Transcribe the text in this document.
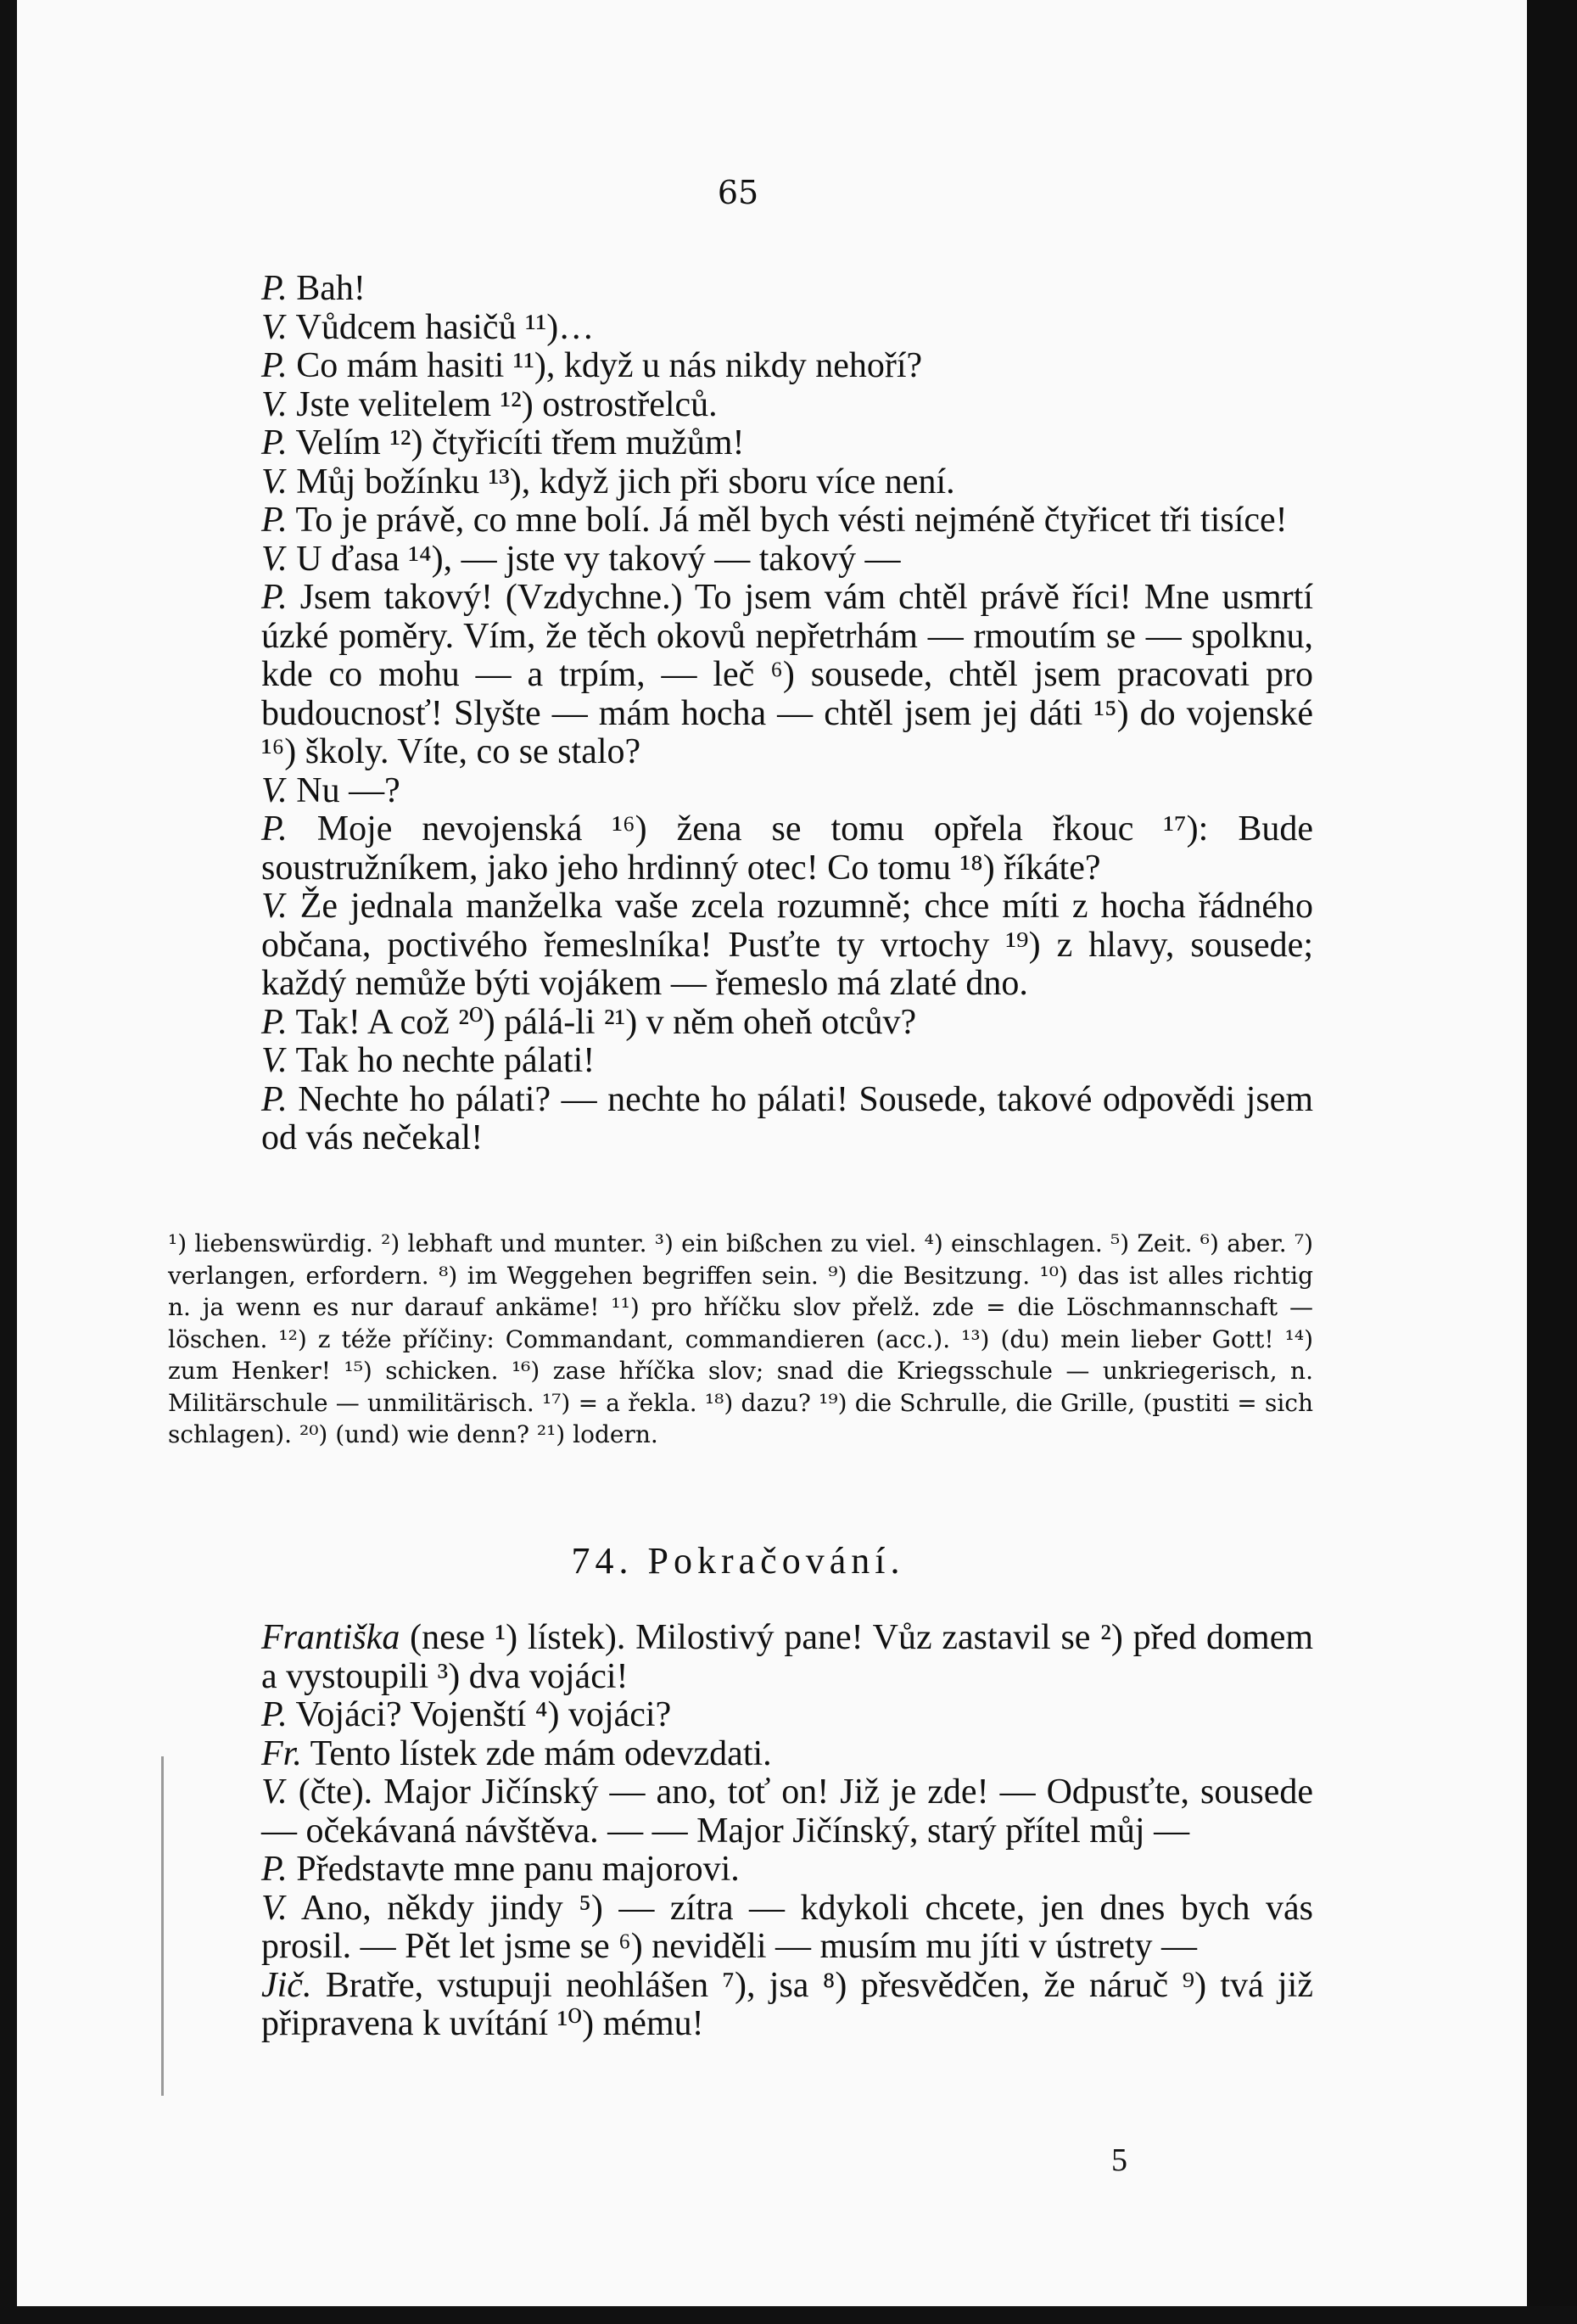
65

P. Bah!

V. Vůdcem hasičů ¹¹)…

P. Co mám hasiti ¹¹), když u nás nikdy nehoří?

V. Jste velitelem ¹²) ostrostřelců.

P. Velím ¹²) čtyřicíti třem mužům!

V. Můj božínku ¹³), když jich při sboru více není.

P. To je právě, co mne bolí. Já měl bych vésti nejméně čtyřicet tři tisíce!

V. U ďasa ¹⁴), — jste vy takový — takový —

P. Jsem takový! (Vzdychne.) To jsem vám chtěl právě říci! Mne usmrtí úzké poměry. Vím, že těch okovů nepřetrhám — rmoutím se — spolknu, kde co mohu — a trpím, — leč ⁶) sousede, chtěl jsem pracovati pro budoucnosť! Slyšte — mám hocha — chtěl jsem jej dáti ¹⁵) do vojenské ¹⁶) školy. Víte, co se stalo?

V. Nu —?

P. Moje nevojenská ¹⁶) žena se tomu opřela řkouc ¹⁷): Bude soustružníkem, jako jeho hrdinný otec! Co tomu ¹⁸) říkáte?

V. Že jednala manželka vaše zcela rozumně; chce míti z hocha řádného občana, poctivého řemeslníka! Pusťte ty vrtochy ¹⁹) z hlavy, sousede; každý nemůže býti vojákem — řemeslo má zlaté dno.

P. Tak! A což ²⁰) pálá-li ²¹) v něm oheň otcův?

V. Tak ho nechte pálati!

P. Nechte ho pálati? — nechte ho pálati! Sousede, takové odpovědi jsem od vás nečekal!

¹) liebenswürdig. ²) lebhaft und munter. ³) ein bißchen zu viel. ⁴) einschlagen. ⁵) Zeit. ⁶) aber. ⁷) verlangen, erfordern. ⁸) im Weggehen begriffen sein. ⁹) die Besitzung. ¹⁰) das ist alles richtig n. ja wenn es nur darauf ankäme! ¹¹) pro hříčku slov přelž. zde = die Löschmannschaft — löschen. ¹²) z téže příčiny: Commandant, commandieren (acc.). ¹³) (du) mein lieber Gott! ¹⁴) zum Henker! ¹⁵) schicken. ¹⁶) zase hříčka slov; snad die Kriegsschule — unkriegerisch, n. Militärschule — unmilitärisch. ¹⁷) = a řekla. ¹⁸) dazu? ¹⁹) die Schrulle, die Grille, (pustiti = sich schlagen). ²⁰) (und) wie denn? ²¹) lodern.
74. Pokračování.

Františka (nese ¹) lístek). Milostivý pane! Vůz zastavil se ²) před domem a vystoupili ³) dva vojáci!

P. Vojáci? Vojenští ⁴) vojáci?

Fr. Tento lístek zde mám odevzdati.

V. (čte). Major Jičínský — ano, toť on! Již je zde! — Odpusťte, sousede — očekávaná návštěva. — — Major Jičínský, starý přítel můj —

P. Představte mne panu majorovi.

V. Ano, někdy jindy ⁵) — zítra — kdykoli chcete, jen dnes bych vás prosil. — Pět let jsme se ⁶) neviděli — musím mu jíti v ústrety —

Jič. Bratře, vstupuji neohlášen ⁷), jsa ⁸) přesvědčen, že náruč ⁹) tvá již připravena k uvítání ¹⁰) mému!

5
